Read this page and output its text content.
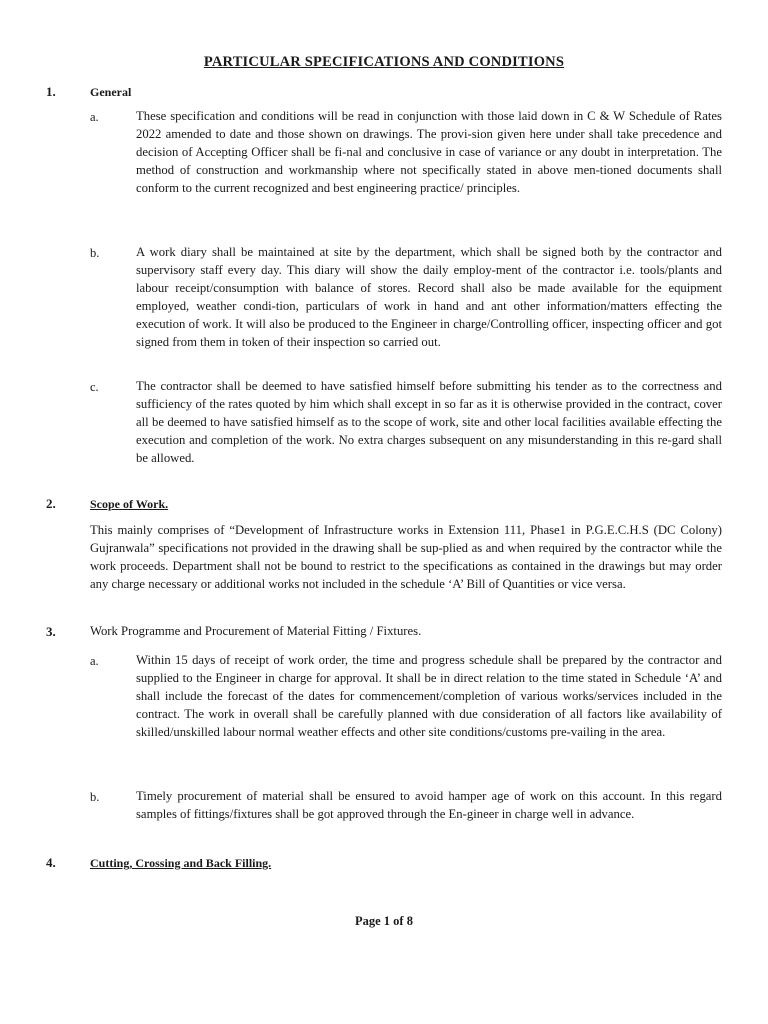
PARTICULAR SPECIFICATIONS AND CONDITIONS
1.	General
a.	These specification and conditions will be read in conjunction with those laid down in C & W Schedule of Rates 2022 amended to date and those shown on drawings. The provi-sion given here under shall take precedence and decision of Accepting Officer shall be fi-nal and conclusive in case of variance or any doubt in interpretation. The method of construction and workmanship where not specifically stated in above men-tioned documents shall conform to the current recognized and best engineering practice/ principles.

b.	A work diary shall be maintained at site by the department, which shall be signed both by the contractor and supervisory staff every day. This diary will show the daily employ-ment of the contractor i.e. tools/plants and labour receipt/consumption with balance of stores. Record shall also be made available for the equipment employed, weather condi-tion, particulars of work in hand and ant other information/matters effecting the execution of work. It will also be produced to the Engineer in charge/Controlling officer, inspecting officer and got signed from them in token of their inspection so carried out.

c.	The contractor shall be deemed to have satisfied himself before submitting his tender as to the correctness and sufficiency of the rates quoted by him which shall except in so far as it is otherwise provided in the contract, cover all be deemed to have satisfied himself as to the scope of work, site and other local facilities available effecting the execution and completion of the work. No extra charges subsequent on any misunderstanding in this re-gard shall be allowed.

2.	Scope of Work.

This mainly comprises of “Development of Infrastructure works in Extension 111, Phase1 in P.G.E.C.H.S (DC Colony) Gujranwala” specifications not provided in the drawing shall be sup-plied as and when required by the contractor while the work proceeds. Department shall not be bound to restrict to the specifications as contained in the drawings but may order any charge necessary or additional works not included in the schedule ‘A’ Bill of Quantities or vice versa.

3.	Work Programme and Procurement of Material Fitting / Fixtures.
a.	Within 15 days of receipt of work order, the time and progress schedule shall be prepared by the contractor and supplied to the Engineer in charge for approval. It shall be in direct relation to the time stated in Schedule ‘A’ and shall include the forecast of the dates for commencement/completion of various works/services included in the contract. The work in overall shall be carefully planned with due consideration of all factors like availability of skilled/unskilled labour normal weather effects and other site conditions/customs pre-vailing in the area.

b.	Timely procurement of material shall be ensured to avoid hamper age of work on this account. In this regard samples of fittings/fixtures shall be got approved through the En-gineer in charge well in advance.

4.	Cutting, Crossing and Back Filling.
Page 1 of 8
